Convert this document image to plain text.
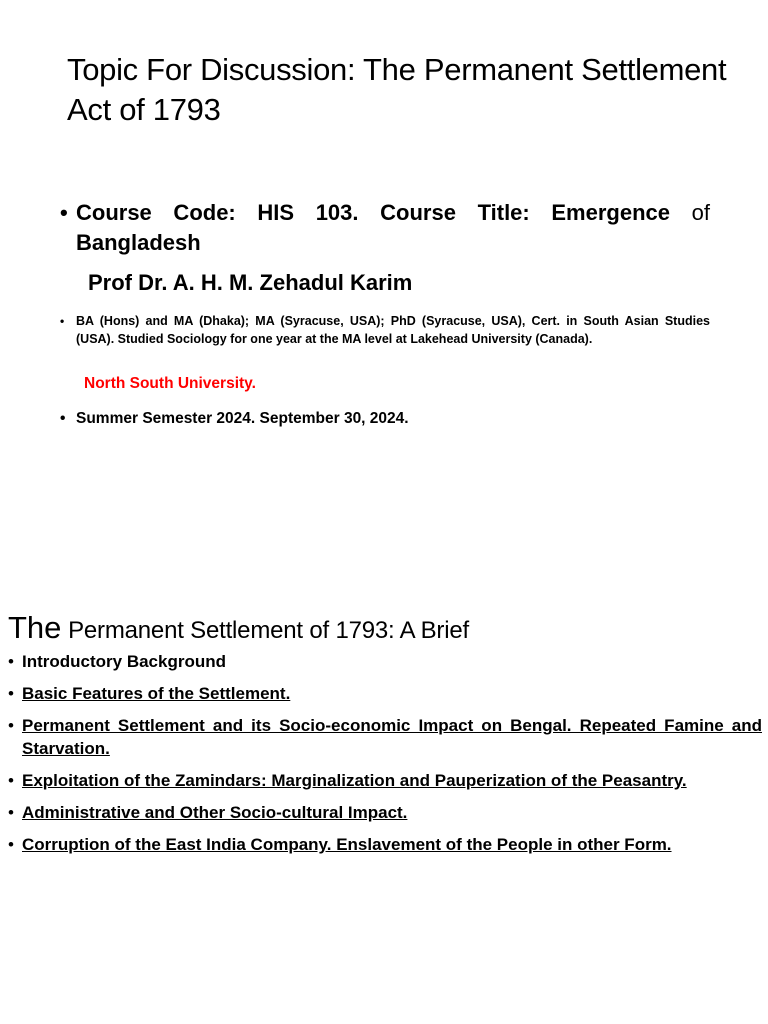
Topic For Discussion: The Permanent Settlement Act of 1793
• Course Code: HIS 103. Course Title: Emergence of Bangladesh
Prof Dr. A. H. M. Zehadul Karim
• BA (Hons) and MA (Dhaka); MA (Syracuse, USA); PhD (Syracuse, USA), Cert. in South Asian Studies (USA). Studied Sociology for one year at the MA level at Lakehead University (Canada).
North South University.
• Summer Semester 2024. September 30, 2024.
The Permanent Settlement of 1793: A Brief
• Introductory Background
• Basic Features of the Settlement.
• Permanent Settlement and its Socio-economic Impact on Bengal. Repeated Famine and Starvation.
• Exploitation of the Zamindars: Marginalization and Pauperization of the Peasantry.
• Administrative and Other Socio-cultural Impact.
• Corruption of the East India Company. Enslavement of the People in other Form.
